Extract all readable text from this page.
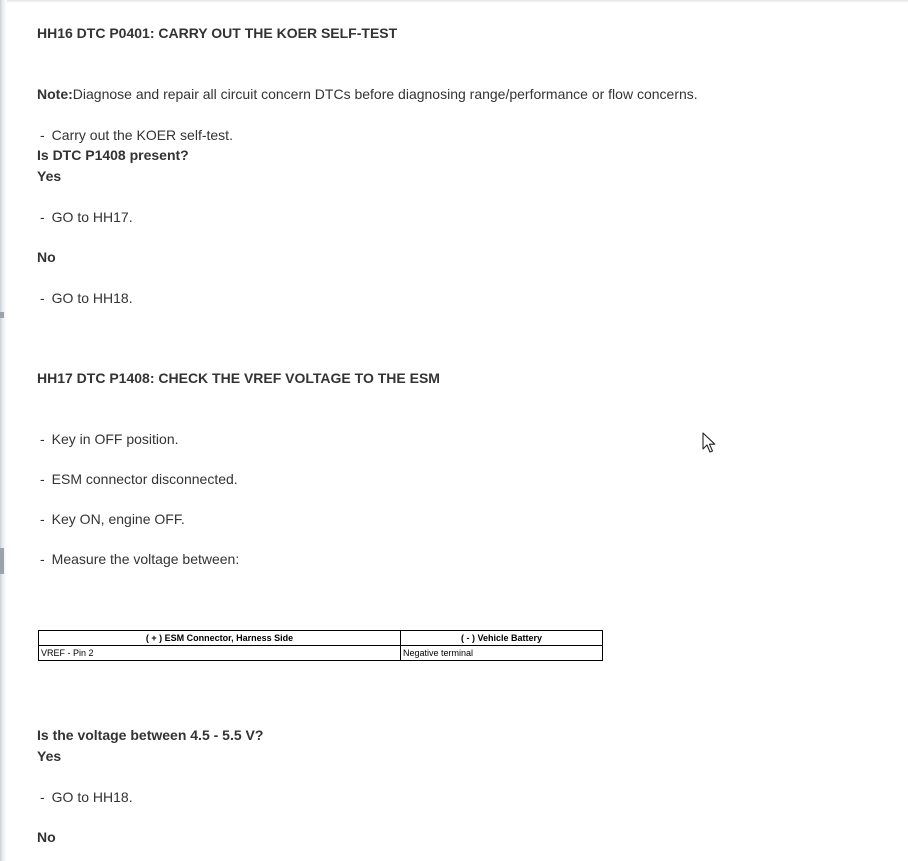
HH16 DTC P0401: CARRY OUT THE KOER SELF-TEST
Note:Diagnose and repair all circuit concern DTCs before diagnosing range/performance or flow concerns.
- Carry out the KOER self-test.
Is DTC P1408 present?
Yes
- GO to HH17.
No
- GO to HH18.
HH17 DTC P1408: CHECK THE VREF VOLTAGE TO THE ESM
- Key in OFF position.
- ESM connector disconnected.
- Key ON, engine OFF.
- Measure the voltage between:
( + ) ESM Connector, Harness Side	( - ) Vehicle Battery
VREF - Pin 2	Negative terminal
Is the voltage between 4.5 - 5.5 V?
Yes
- GO to HH18.
No
